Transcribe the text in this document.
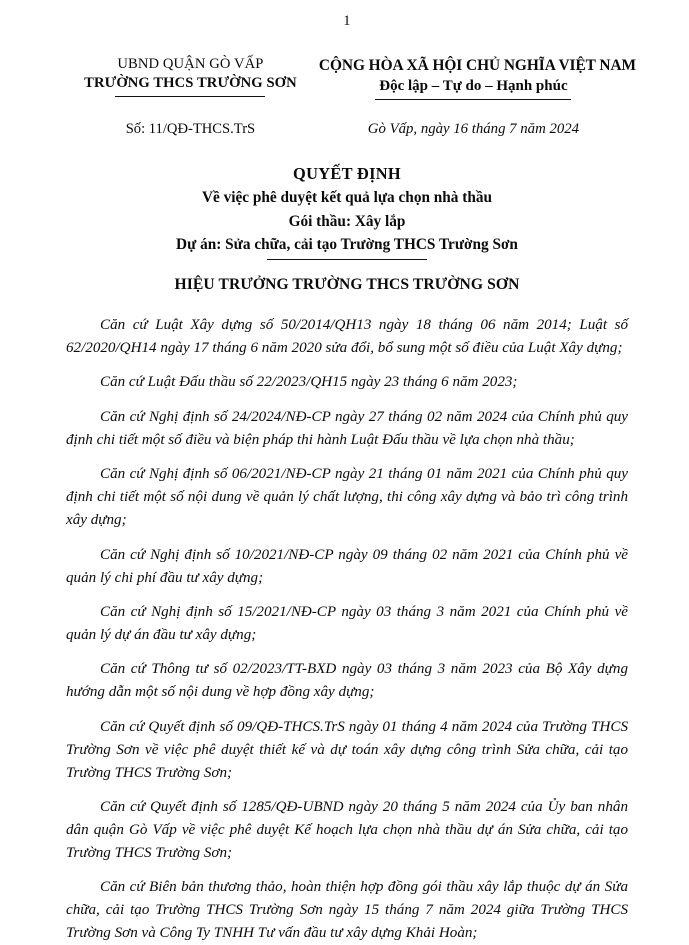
1
UBND QUẬN GÒ VẤP
TRƯỜNG THCS TRƯỜNG SƠN
CỘNG HÒA XÃ HỘI CHỦ NGHĨA VIỆT NAM
Độc lập – Tự do – Hạnh phúc
Số: 11/QĐ-THCS.TrS	Gò Vấp, ngày 16 tháng 7 năm 2024
QUYẾT ĐỊNH
Về việc phê duyệt kết quả lựa chọn nhà thầu
Gói thầu: Xây lắp
Dự án: Sửa chữa, cải tạo Trường THCS Trường Sơn
HIỆU TRƯỞNG TRƯỜNG THCS TRƯỜNG SƠN

Căn cứ Luật Xây dựng số 50/2014/QH13 ngày 18 tháng 06 năm 2014; Luật số 62/2020/QH14 ngày 17 tháng 6 năm 2020 sửa đổi, bổ sung một số điều của Luật Xây dựng;

Căn cứ Luật Đấu thầu số 22/2023/QH15 ngày 23 tháng 6 năm 2023;

Căn cứ Nghị định số 24/2024/NĐ-CP ngày 27 tháng 02 năm 2024 của Chính phủ quy định chi tiết một số điều và biện pháp thi hành Luật Đấu thầu về lựa chọn nhà thầu;

Căn cứ Nghị định số 06/2021/NĐ-CP ngày 21 tháng 01 năm 2021 của Chính phủ quy định chi tiết một số nội dung về quản lý chất lượng, thi công xây dựng và bảo trì công trình xây dựng;

Căn cứ Nghị định số 10/2021/NĐ-CP ngày 09 tháng 02 năm 2021 của Chính phủ về quản lý chi phí đầu tư xây dựng;

Căn cứ Nghị định số 15/2021/NĐ-CP ngày 03 tháng 3 năm 2021 của Chính phủ về quản lý dự án đầu tư xây dựng;

Căn cứ Thông tư số 02/2023/TT-BXD ngày 03 tháng 3 năm 2023 của Bộ Xây dựng hướng dẫn một số nội dung về hợp đồng xây dựng;

Căn cứ Quyết định số 09/QĐ-THCS.TrS ngày 01 tháng 4 năm 2024 của Trường THCS Trường Sơn về việc phê duyệt thiết kế và dự toán xây dựng công trình Sửa chữa, cải tạo Trường THCS Trường Sơn;

Căn cứ Quyết định số 1285/QĐ-UBND ngày 20 tháng 5 năm 2024 của Ủy ban nhân dân quận Gò Vấp về việc phê duyệt Kế hoạch lựa chọn nhà thầu dự án Sửa chữa, cải tạo Trường THCS Trường Sơn;

Căn cứ Biên bản thương thảo, hoàn thiện hợp đồng gói thầu xây lắp thuộc dự án Sửa chữa, cải tạo Trường THCS Trường Sơn ngày 15 tháng 7 năm 2024 giữa Trường THCS Trường Sơn và Công Ty TNHH Tư vấn đầu tư xây dựng Khải Hoàn;
